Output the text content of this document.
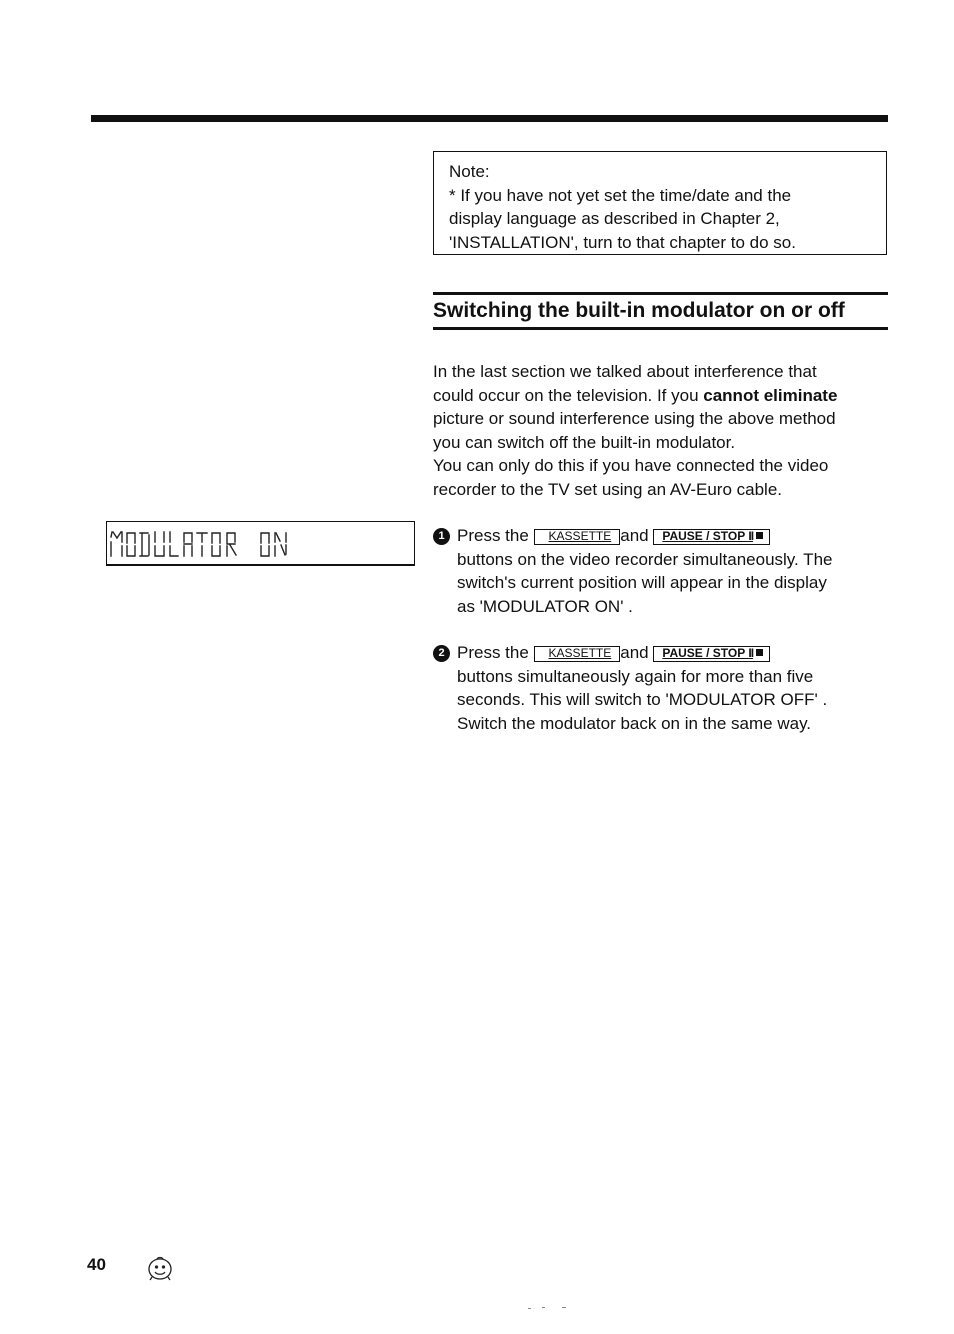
Note:

* If you have not yet set the time/date and the

display language as described in Chapter 2,

'INSTALLATION', turn to that chapter to do so.

Switching the built-in modulator on or off

In the last section we talked about interference that

could occur on the television. If you cannot eliminate

picture or sound interference using the above method

you can switch off the built-in modulator.

You can only do this if you have connected the video

recorder to the TV set using an AV-Euro cable.

1 Press the KASSETTE and PAUSE / STOP II

buttons on the video recorder simultaneously. The

switch's current position will appear in the display

as 'MODULATOR ON' .

2 Press the KASSETTE and PAUSE / STOP II

buttons simultaneously again for more than five

seconds. This will switch to 'MODULATOR OFF' .

Switch the modulator back on in the same way.

40
